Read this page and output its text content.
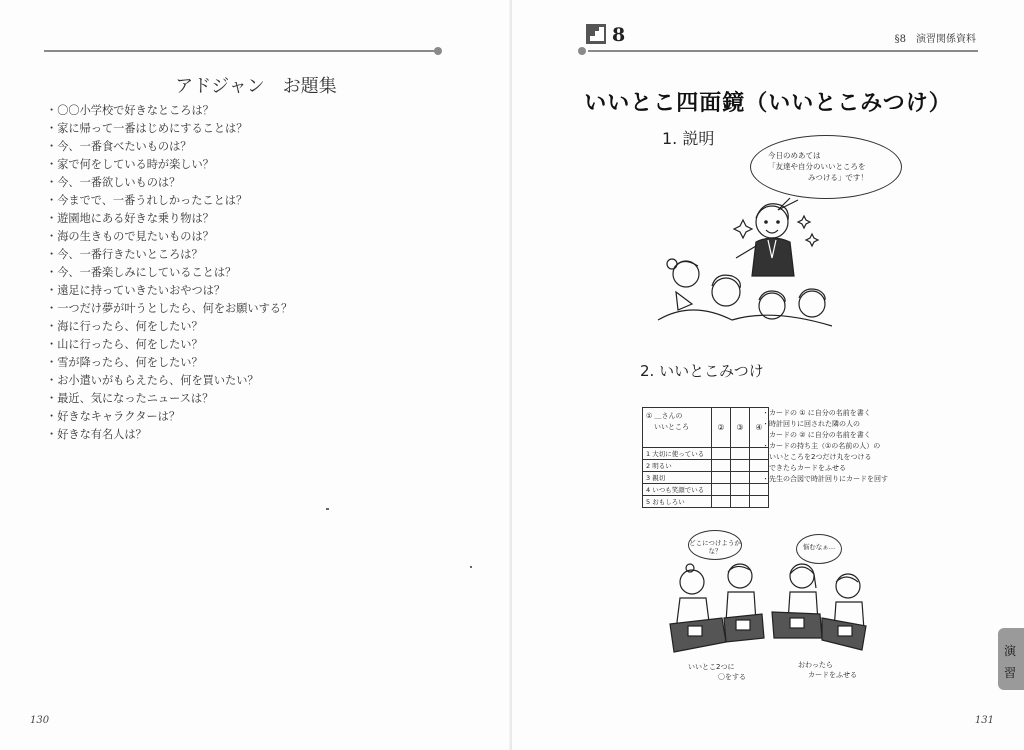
アドジャン　お題集
・〇〇小学校で好きなところは？
・家に帰って一番はじめにすることは？
・今、一番食べたいものは？
・家で何をしている時が楽しい？
・今、一番欲しいものは？
・今までで、一番うれしかったことは？
・遊園地にある好きな乗り物は？
・海の生きもので見たいものは？
・今、一番行きたいところは？
・今、一番楽しみにしていることは？
・遠足に持っていきたいおやつは？
・一つだけ夢が叶うとしたら、何をお願いする？
・海に行ったら、何をしたい？
・山に行ったら、何をしたい？
・雪が降ったら、何をしたい？
・お小遣いがもらえたら、何を買いたい？
・最近、気になったニュースは？
・好きなキャラクターは？
・好きな有名人は？
130
8	§8　演習関係資料
いいとこ四面鏡（いいとこみつけ）
1. 説明
今日のめあては
「友達や自分のいいところを
みつける」です！
2. いいとこみつけ
① ＿さんの
いいところ	②	③	④
1 大切に使っている			
2 明るい			
3 親切			
4 いつも笑顔でいる			
5 おもしろい			
・カードの ① に自分の名前を書く
・時計回りに回された隣の人の
　カードの ② に自分の名前を書く
・カードの持ち主（①の名前の人）の
　いいところを2つだけ丸をつける
　できたらカードをふせる
・先生の合図で時計回りにカードを回す
どこにつけようかな？	悩むなぁ…
いいとこ2つに
〇をする
おわったら
カードをふせる
演
習
131
